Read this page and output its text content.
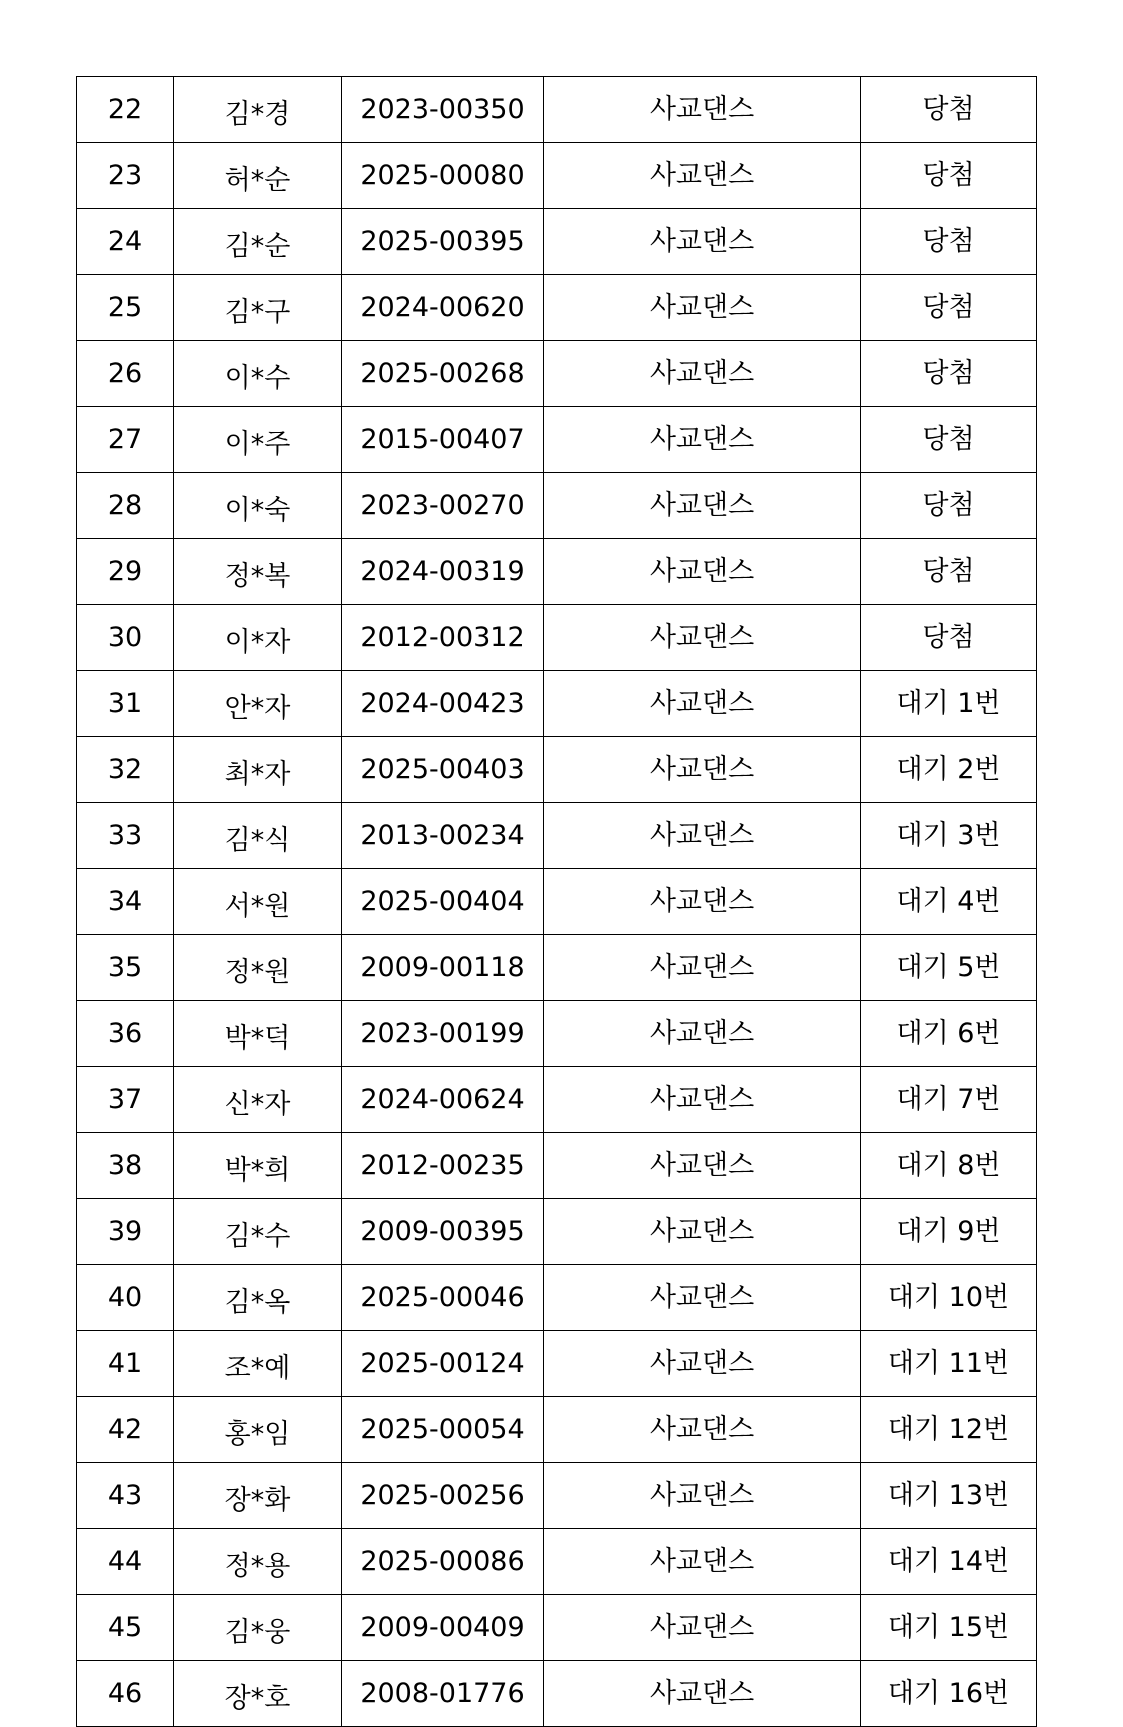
22	김*경	2023-00350	사교댄스	당첨
23	허*순	2025-00080	사교댄스	당첨
24	김*순	2025-00395	사교댄스	당첨
25	김*구	2024-00620	사교댄스	당첨
26	이*수	2025-00268	사교댄스	당첨
27	이*주	2015-00407	사교댄스	당첨
28	이*숙	2023-00270	사교댄스	당첨
29	정*복	2024-00319	사교댄스	당첨
30	이*자	2012-00312	사교댄스	당첨
31	안*자	2024-00423	사교댄스	대기 1번
32	최*자	2025-00403	사교댄스	대기 2번
33	김*식	2013-00234	사교댄스	대기 3번
34	서*원	2025-00404	사교댄스	대기 4번
35	정*원	2009-00118	사교댄스	대기 5번
36	박*덕	2023-00199	사교댄스	대기 6번
37	신*자	2024-00624	사교댄스	대기 7번
38	박*희	2012-00235	사교댄스	대기 8번
39	김*수	2009-00395	사교댄스	대기 9번
40	김*옥	2025-00046	사교댄스	대기 10번
41	조*예	2025-00124	사교댄스	대기 11번
42	홍*임	2025-00054	사교댄스	대기 12번
43	장*화	2025-00256	사교댄스	대기 13번
44	정*용	2025-00086	사교댄스	대기 14번
45	김*웅	2009-00409	사교댄스	대기 15번
46	장*호	2008-01776	사교댄스	대기 16번
